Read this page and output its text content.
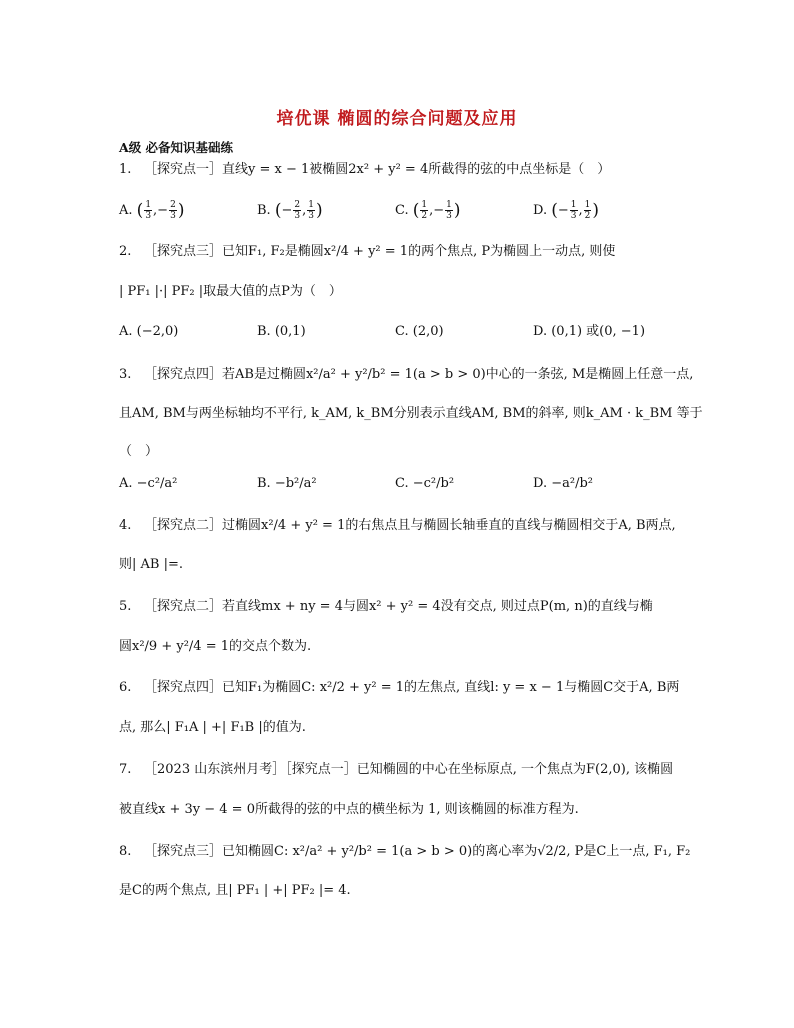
培优课 椭圆的综合问题及应用
A级 必备知识基础练
1. ［探究点一］直线y = x − 1被椭圆2x² + y² = 4所截得的弦的中点坐标是（　）
A. ( $\frac{1}{3}$ ,− $\frac{2}{3}$ )	B. (− $\frac{2}{3}$ , $\frac{1}{3}$ )	C. ( $\frac{1}{2}$ ,− $\frac{1}{3}$ )	D. (− $\frac{1}{3}$ , $\frac{1}{2}$ )
2. ［探究点三］已知F₁, F₂是椭圆x²/4 + y² = 1的两个焦点, P为椭圆上一动点, 则使
| PF₁ |·| PF₂ |取最大值的点P为（　）
A. (−2,0)	B. (0,1)	C. (2,0)	D. (0,1) 或(0, −1)
3. ［探究点四］若AB是过椭圆x²/a² + y²/b² = 1(a > b > 0)中心的一条弦, M是椭圆上任意一点,
且AM, BM与两坐标轴均不平行, k_AM, k_BM分别表示直线AM, BM的斜率, 则k_AM · k_BM 等于
（　）
A. −c²/a²	B. −b²/a²	C. −c²/b²	D. −a²/b²
4. ［探究点二］过椭圆x²/4 + y² = 1的右焦点且与椭圆长轴垂直的直线与椭圆相交于A, B两点,
则| AB |=.
5. ［探究点二］若直线mx + ny = 4与圆x² + y² = 4没有交点, 则过点P(m, n)的直线与椭
圆x²/9 + y²/4 = 1的交点个数为.
6. ［探究点四］已知F₁为椭圆C: x²/2 + y² = 1的左焦点, 直线l: y = x − 1与椭圆C交于A, B两
点, 那么| F₁A | +| F₁B |的值为.
7. ［2023 山东滨州月考］［探究点一］已知椭圆的中心在坐标原点, 一个焦点为F(2,0), 该椭圆
被直线x + 3y − 4 = 0所截得的弦的中点的横坐标为 1, 则该椭圆的标准方程为.
8. ［探究点三］已知椭圆C: x²/a² + y²/b² = 1(a > b > 0)的离心率为√2/2, P是C上一点, F₁, F₂
是C的两个焦点, 且| PF₁ | +| PF₂ |= 4.
